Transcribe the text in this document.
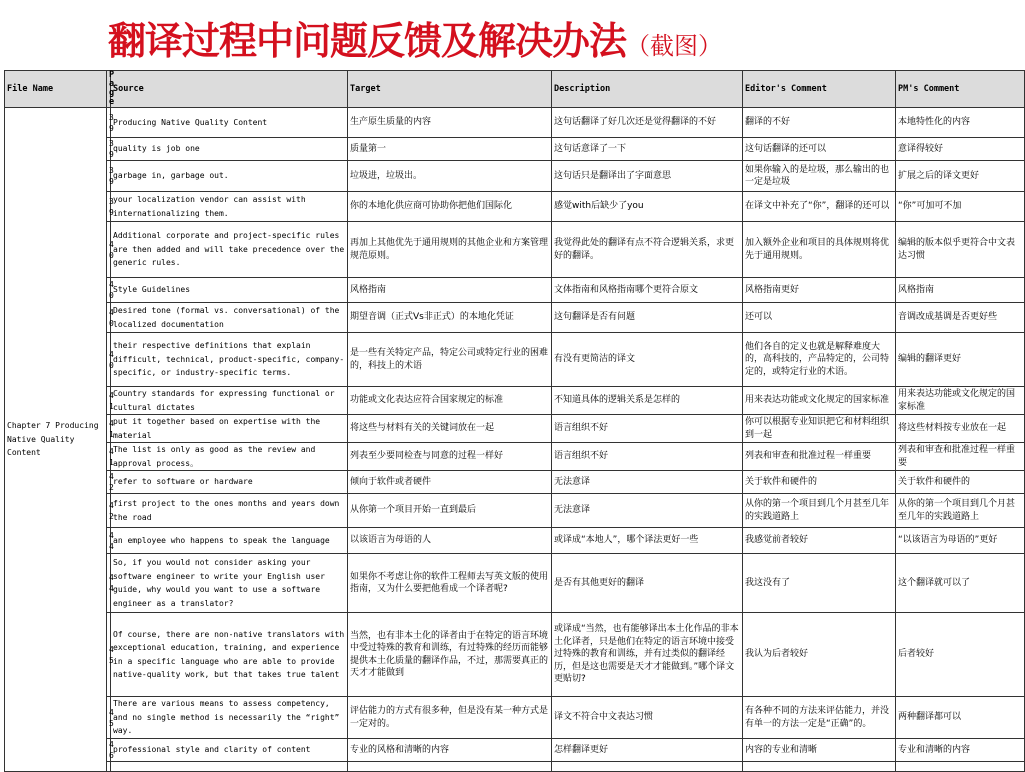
翻译过程中问题反馈及解决办法（截图）
File Name	Page	Source	Target	Description	Editor's Comment	PM's Comment
Chapter 7 Producing Native Quality Content	39	Producing Native Quality Content	生产原生质量的内容	这句话翻译了好几次还是觉得翻译的不好	翻译的不好	本地特性化的内容
	39	quality is job one	质量第一	这句话意译了一下	这句话翻译的还可以	意译得较好
	39	garbage in, garbage out.	垃圾进，垃圾出。	这句话只是翻译出了字面意思	如果你输入的是垃圾，那么输出的也一定是垃圾	扩展之后的译文更好
	39	your localization vendor can assist with internationalizing them.	你的本地化供应商可协助你把他们国际化	感觉with后缺少了you	在译文中补充了“你”，翻译的还可以	“你”可加可不加
	40	Additional corporate and project-specific rules are then added and will take precedence over the generic rules.	再加上其他优先于通用规则的其他企业和方案管理规范原则。	我觉得此处的翻译有点不符合逻辑关系，求更好的翻译。	加入额外企业和项目的具体规则将优先于通用规则。	编辑的版本似乎更符合中文表达习惯
	40	Style Guidelines	风格指南	文体指南和风格指南哪个更符合原文	风格指南更好	风格指南
	40	Desired tone (formal vs. conversational) of the localized documentation	期望音调（正式Vs非正式）的本地化凭证	这句翻译是否有问题	还可以	音调改成基调是否更好些
	40	their respective definitions that explain difficult, technical, product-specific, company-specific, or industry-specific terms.	是一些有关特定产品，特定公司或特定行业的困难的，科技上的术语	有没有更简洁的译文	他们各自的定义也就是解释难度大的，高科技的，产品特定的，公司特定的，或特定行业的术语。	编辑的翻译更好
	41	Country standards for expressing functional or cultural dictates	功能或文化表达应符合国家规定的标准	不知道具体的逻辑关系是怎样的	用来表达功能或文化规定的国家标准	用来表达功能或文化规定的国家标准
	41	put it together based on expertise with the material	将这些与材料有关的关键词放在一起	语言组织不好	你可以根据专业知识把它和材料组织到一起	将这些材料按专业放在一起
	41	The list is only as good as the review and approval process。	列表至少要同检查与同意的过程一样好	语言组织不好	列表和审查和批准过程一样重要	列表和审查和批准过程一样重要
	42	refer to software or hardware	倾向于软件或者硬件	无法意译	关于软件和硬件的	关于软件和硬件的
	42	first project to the ones months and years down the road	从你第一个项目开始一直到最后	无法意译	从你的第一个项目到几个月甚至几年的实践道路上	从你的第一个项目到几个月甚至几年的实践道路上
	44	an employee who happens to speak the language	以该语言为母语的人	或译成“本地人”，哪个译法更好一些	我感觉前者较好	“以该语言为母语的”更好
	44	So, if you would not consider asking your software engineer to write your English user guide, why would you want to use a software engineer as a translator?	如果你不考虑让你的软件工程师去写英文版的使用指南，又为什么要把他看成一个译者呢?	是否有其他更好的翻译	我这没有了	这个翻译就可以了
	45	Of course, there are non-native translators with exceptional education, training, and experience in a specific language who are able to provide native-quality work, but that takes true talent	当然，也有非本土化的译者由于在特定的语言环境中受过特殊的教育和训练，有过特殊的经历而能够提供本土化质量的翻译作品，不过，那需要真正的天才才能做到	或译成“当然，也有能够译出本土化作品的非本土化译者，只是他们在特定的语言环境中接受过特殊的教育和训练，并有过类似的翻译经历，但是这也需要是天才才能做到。”哪个译文更贴切?	我认为后者较好	后者较好
	45	There are various means to assess competency, and no single method is necessarily the “right” way.	评估能力的方式有很多种，但是没有某一种方式是一定对的。	译文不符合中文表达习惯	有各种不同的方法来评估能力，并没有单一的方法一定是“正确”的。	两种翻译都可以
	46	professional style and clarity of content	专业的风格和清晰的内容	怎样翻译更好	内容的专业和清晰	专业和清晰的内容
